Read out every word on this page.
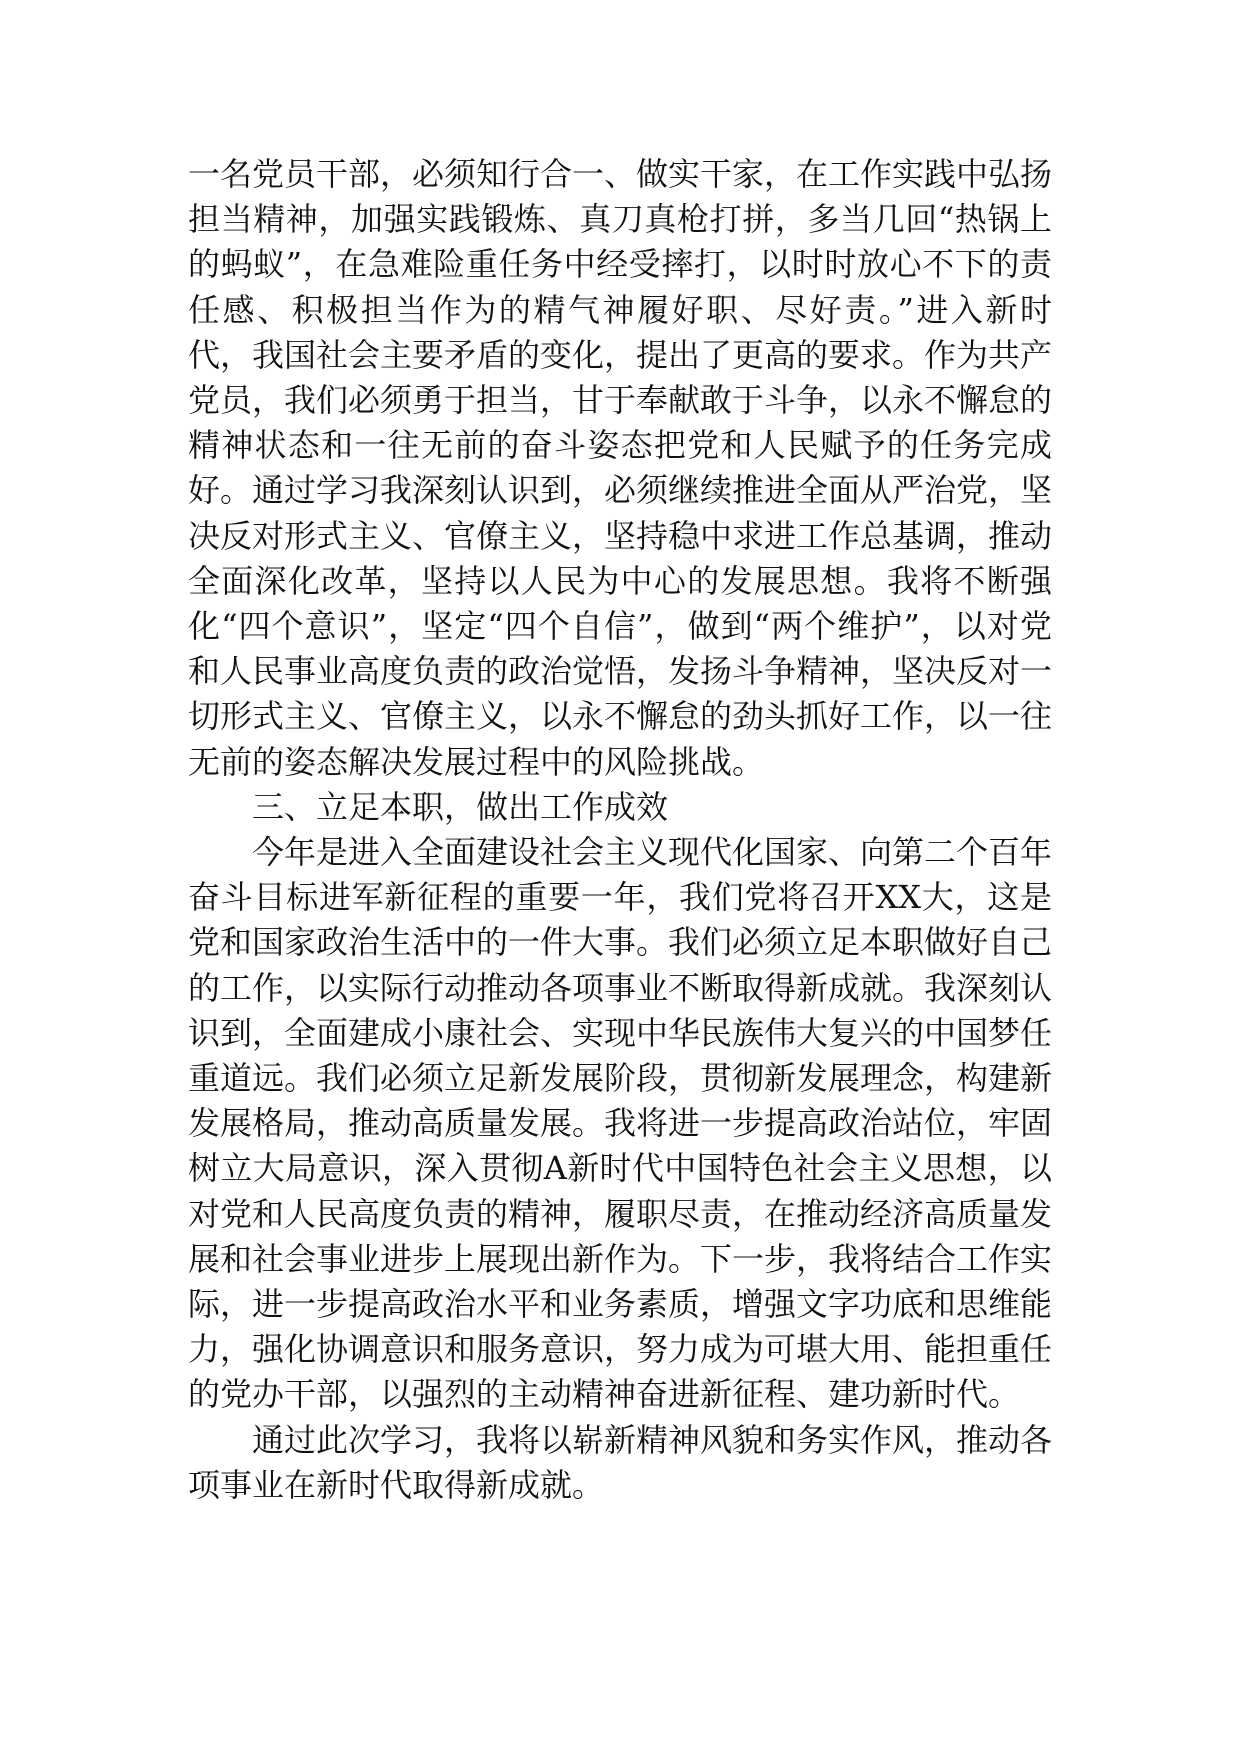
一名党员干部，必须知行合一、做实干家，在工作实践中弘扬担当精神，加强实践锻炼、真刀真枪打拼，多当几回“热锅上的蚂蚁”，在急难险重任务中经受摔打，以时时放心不下的责任感、积极担当作为的精气神履好职、尽好责。”进入新时代，我国社会主要矛盾的变化，提出了更高的要求。作为共产党员，我们必须勇于担当，甘于奉献敢于斗争，以永不懈怠的精神状态和一往无前的奋斗姿态把党和人民赋予的任务完成好。通过学习我深刻认识到，必须继续推进全面从严治党，坚决反对形式主义、官僚主义，坚持稳中求进工作总基调，推动全面深化改革，坚持以人民为中心的发展思想。我将不断强化“四个意识”，坚定“四个自信”，做到“两个维护”，以对党和人民事业高度负责的政治觉悟，发扬斗争精神，坚决反对一切形式主义、官僚主义，以永不懈怠的劲头抓好工作，以一往无前的姿态解决发展过程中的风险挑战。

三、立足本职，做出工作成效

今年是进入全面建设社会主义现代化国家、向第二个百年奋斗目标进军新征程的重要一年，我们党将召开XX大，这是党和国家政治生活中的一件大事。我们必须立足本职做好自己的工作，以实际行动推动各项事业不断取得新成就。我深刻认识到，全面建成小康社会、实现中华民族伟大复兴的中国梦任重道远。我们必须立足新发展阶段，贯彻新发展理念，构建新发展格局，推动高质量发展。我将进一步提高政治站位，牢固树立大局意识，深入贯彻A新时代中国特色社会主义思想，以对党和人民高度负责的精神，履职尽责，在推动经济高质量发展和社会事业进步上展现出新作为。下一步，我将结合工作实际，进一步提高政治水平和业务素质，增强文字功底和思维能力，强化协调意识和服务意识，努力成为可堪大用、能担重任的党办干部，以强烈的主动精神奋进新征程、建功新时代。

通过此次学习，我将以崭新精神风貌和务实作风，推动各项事业在新时代取得新成就。
